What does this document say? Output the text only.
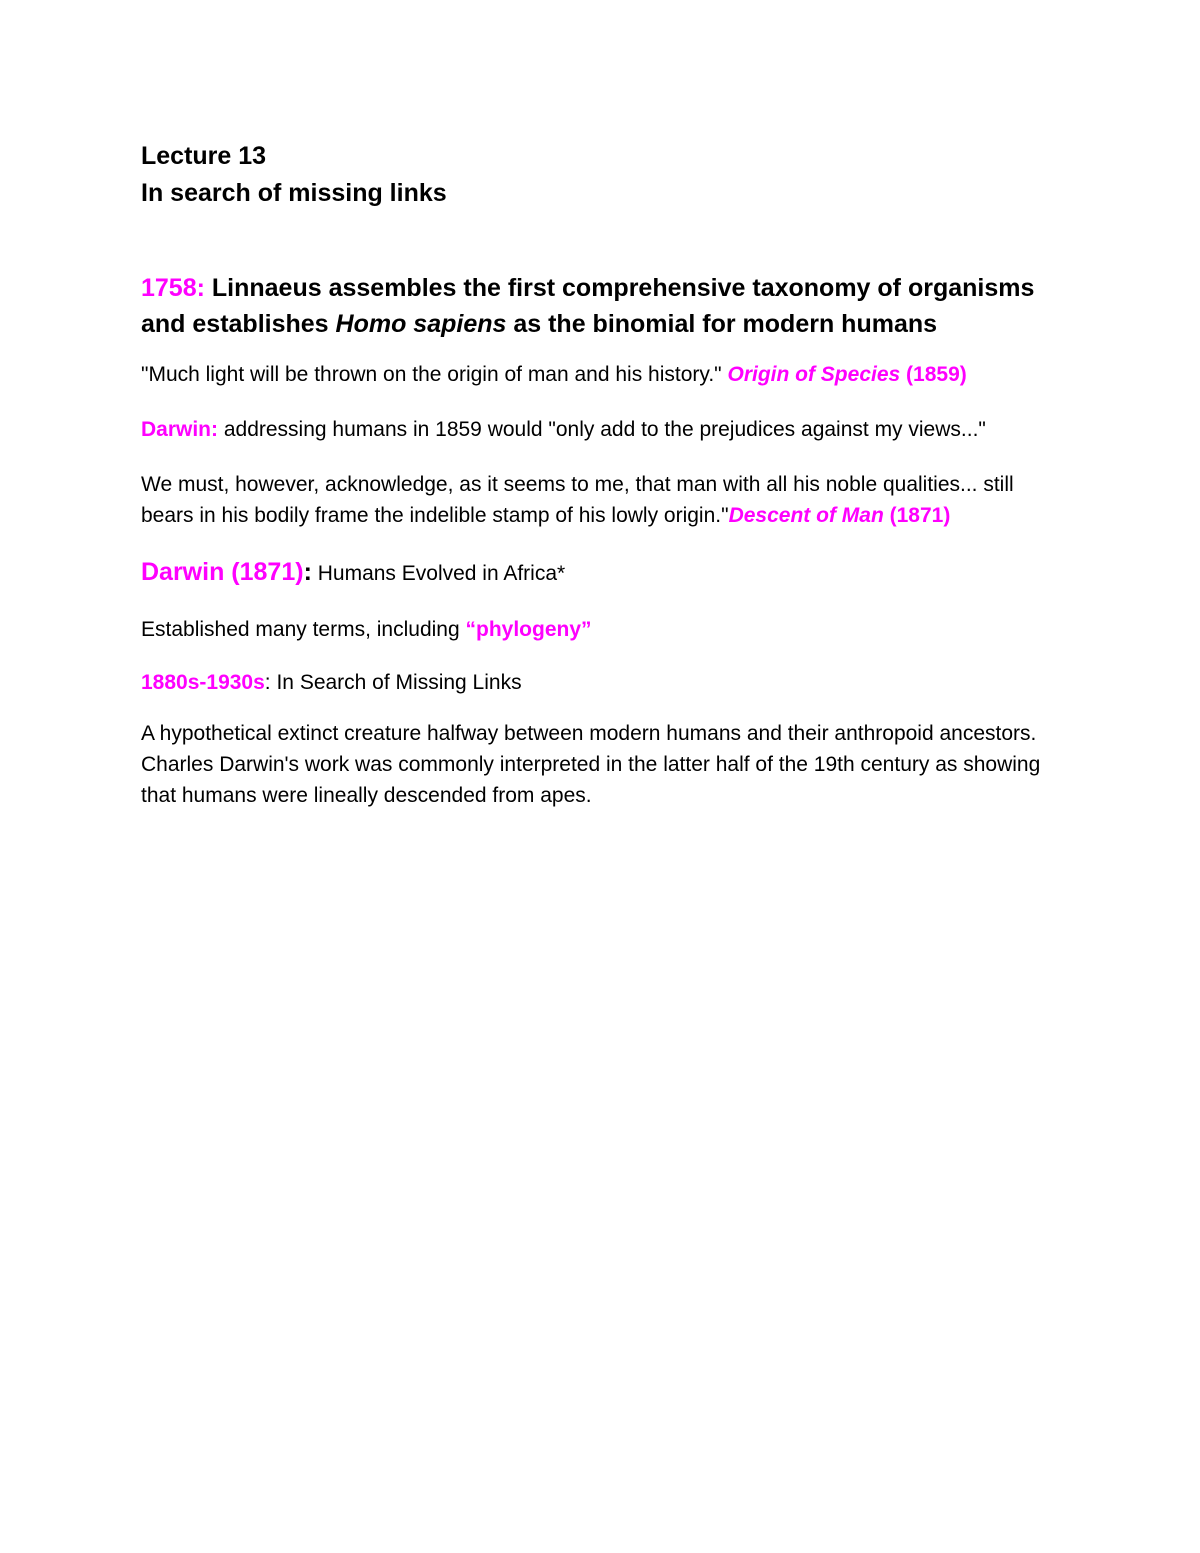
Lecture 13

In search of missing links

1758: Linnaeus assembles the first comprehensive taxonomy of organisms and establishes Homo sapiens as the binomial for modern humans

"Much light will be thrown on the origin of man and his history." Origin of Species (1859)

Darwin: addressing humans in 1859 would "only add to the prejudices against my views..."

We must, however, acknowledge, as it seems to me, that man with all his noble qualities... still bears in his bodily frame the indelible stamp of his lowly origin."Descent of Man (1871)

Darwin (1871): Humans Evolved in Africa*

Established many terms, including “phylogeny”

1880s-1930s: In Search of Missing Links

A hypothetical extinct creature halfway between modern humans and their anthropoid ancestors. Charles Darwin's work was commonly interpreted in the latter half of the 19th century as showing that humans were lineally descended from apes.
